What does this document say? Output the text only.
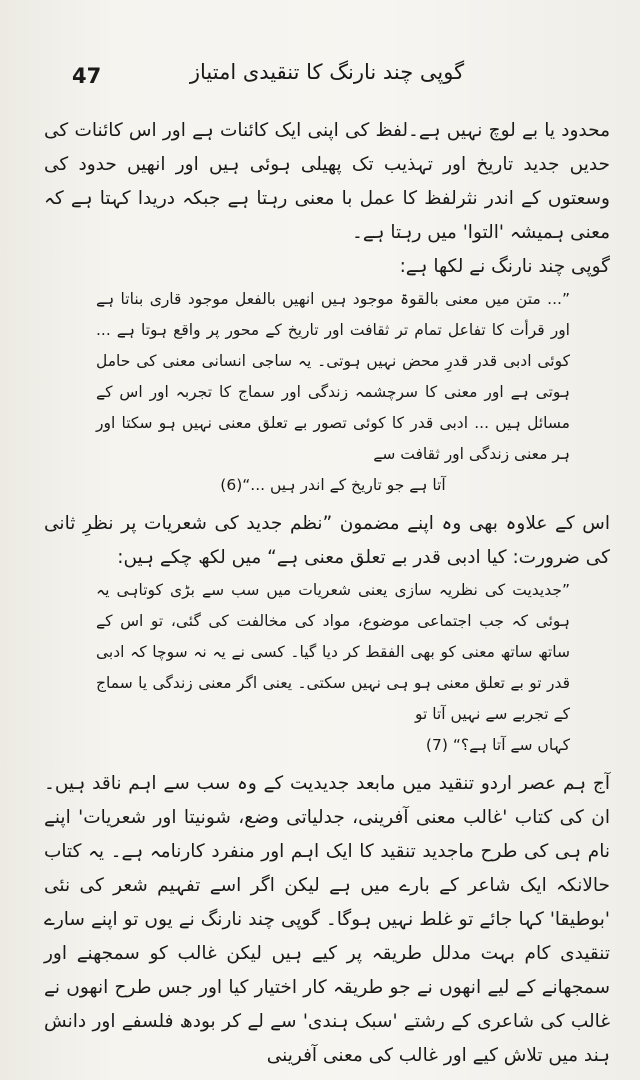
47	گوپی چند نارنگ کا تنقیدی امتیاز

محدود یا بے لوچ نہیں ہے۔لفظ کی اپنی ایک کائنات ہے اور اس کائنات کی حدیں جدید تاریخ اور تہذیب تک پھیلی ہوئی ہیں اور انھیں حدود کی وسعتوں کے اندر نثرلفظ کا عمل با معنی رہتا ہے جبکہ دریدا کہتا ہے کہ معنی ہمیشہ 'التوا' میں رہتا ہے۔

گوپی چند نارنگ نے لکھا ہے:

”... متن میں معنی بالقوۃ موجود ہیں انھیں بالفعل موجود قاری بناتا ہے اور قرأت کا تفاعل تمام تر ثقافت اور تاریخ کے محور پر واقع ہوتا ہے ... کوئی ادبی قدر قدرِ محض نہیں ہوتی۔ یہ ساجی انسانی معنی کی حامل ہوتی ہے اور معنی کا سرچشمہ زندگی اور سماج کا تجربہ اور اس کے مسائل ہیں ... ادبی قدر کا کوئی تصور بے تعلق معنی نہیں ہو سکتا اور ہر معنی زندگی اور ثقافت سے

آتا ہے جو تاریخ کے اندر ہیں ...“(6)

اس کے علاوہ بھی وہ اپنے مضمون ”نظم جدید کی شعریات پر نظرِ ثانی کی ضرورت: کیا ادبی قدر بے تعلق معنی ہے“ میں لکھ چکے ہیں:

”جدیدیت کی نظریہ سازی یعنی شعریات میں سب سے بڑی کوتاہی یہ ہوئی کہ جب اجتماعی موضوع، مواد کی مخالفت کی گئی، تو اس کے ساتھ ساتھ معنی کو بھی الفقط کر دیا گیا۔ کسی نے یہ نہ سوچا کہ ادبی قدر تو بے تعلق معنی ہو ہی نہیں سکتی۔ یعنی اگر معنی زندگی یا سماج کے تجربے سے نہیں آتا تو

کہاں سے آتا ہے؟“ (7)

آج ہم عصر اردو تنقید میں مابعد جدیدیت کے وہ سب سے اہم ناقد ہیں۔ ان کی کتاب 'غالب معنی آفرینی، جدلیاتی وضع، شونیتا اور شعریات' اپنے نام ہی کی طرح ماجدید تنقید کا ایک اہم اور منفرد کارنامہ ہے۔ یہ کتاب حالانکہ ایک شاعر کے بارے میں ہے لیکن اگر اسے تفہیم شعر کی نئی 'بوطیقا' کہا جائے تو غلط نہیں ہوگا۔ گوپی چند نارنگ نے یوں تو اپنے سارے تنقیدی کام بہت مدلل طریقہ پر کیے ہیں لیکن غالب کو سمجھنے اور سمجھانے کے لیے انھوں نے جو طریقہ کار اختیار کیا اور جس طرح انھوں نے غالب کی شاعری کے رشتے 'سبک ہندی' سے لے کر بودھ فلسفے اور دانش ہند میں تلاش کیے اور غالب کی معنی آفرینی
